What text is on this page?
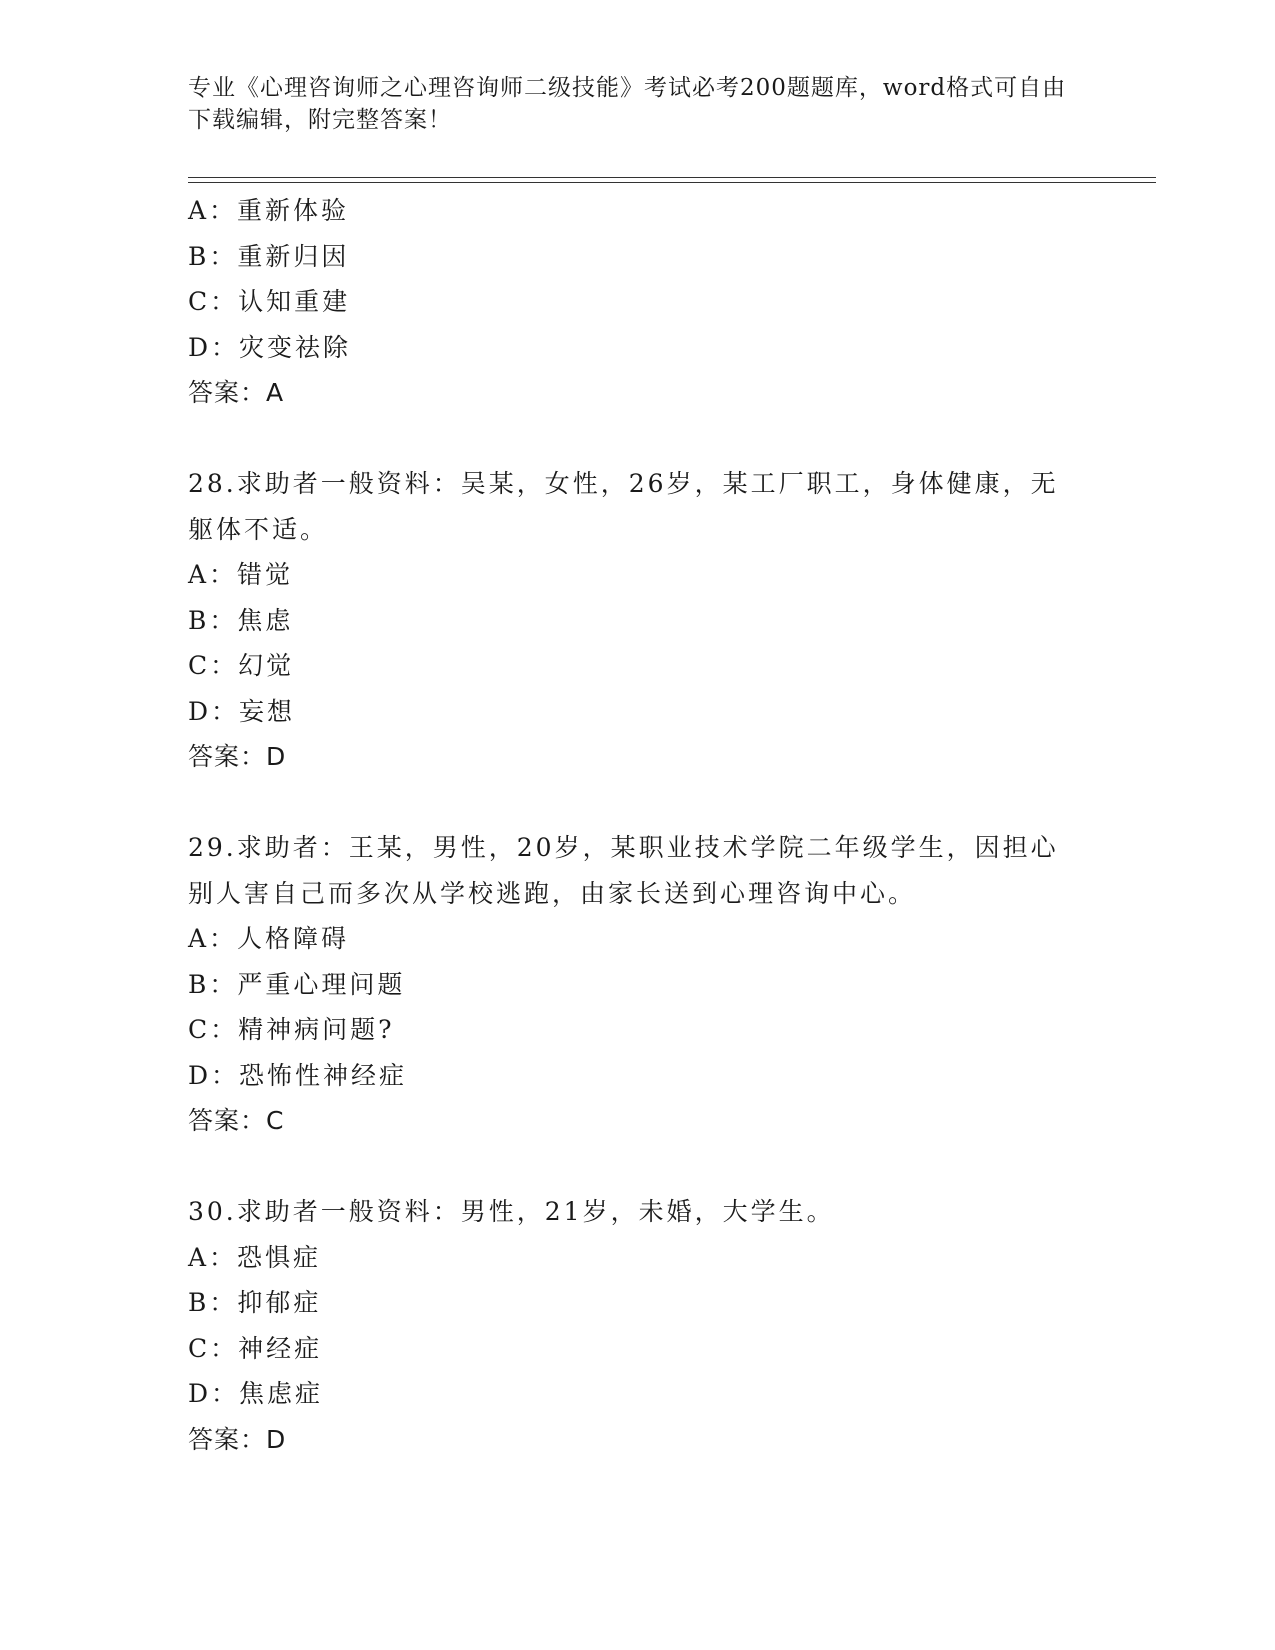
专业《心理咨询师之心理咨询师二级技能》考试必考200题题库，word格式可自由下载编辑，附完整答案！

A：重新体验

B：重新归因

C：认知重建

D：灾变祛除

答案：A

28.求助者一般资料：吴某，女性，26岁，某工厂职工，身体健康，无躯体不适。

A：错觉

B：焦虑

C：幻觉

D：妄想

答案：D

29.求助者：王某，男性，20岁，某职业技术学院二年级学生，因担心别人害自己而多次从学校逃跑，由家长送到心理咨询中心。

A：人格障碍

B：严重心理问题

C：精神病问题?

D：恐怖性神经症

答案：C

30.求助者一般资料：男性，21岁，未婚，大学生。

A：恐惧症

B：抑郁症

C：神经症

D：焦虑症

答案：D
